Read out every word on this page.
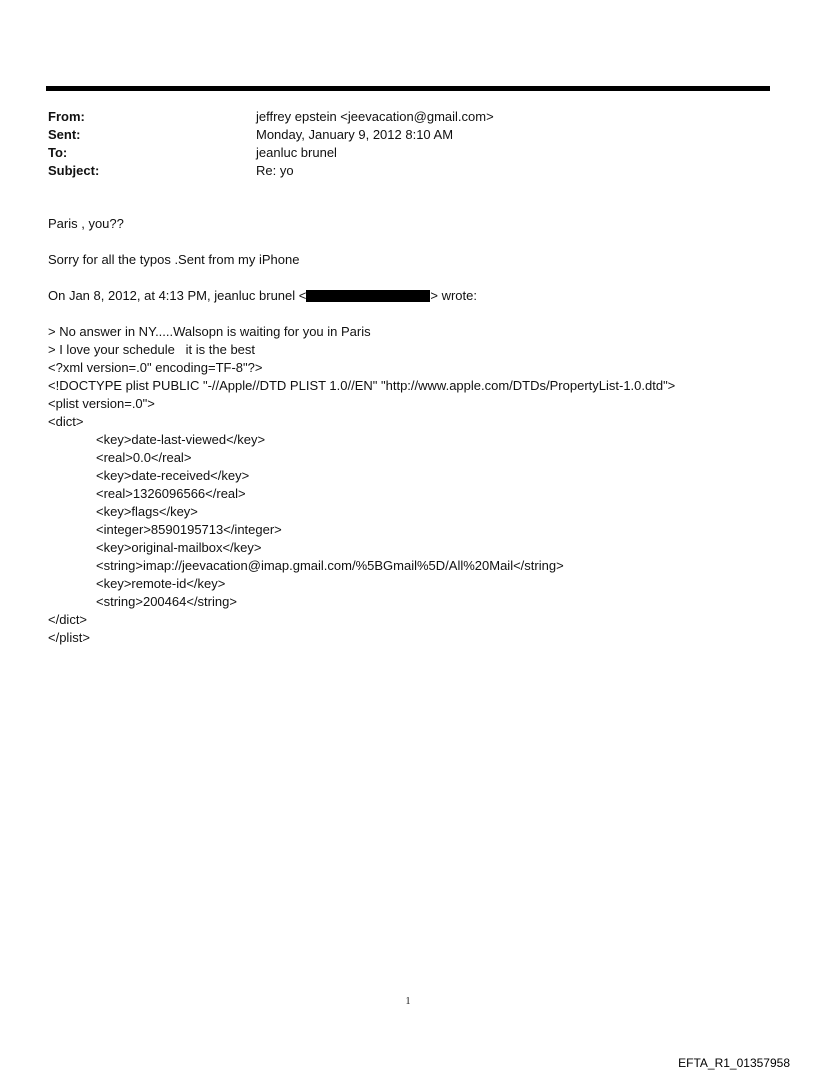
From:	jeffrey epstein <jeevacation@gmail.com>
Sent:	Monday, January 9, 2012 8:10 AM
To:	jeanluc brunel
Subject:	Re: yo
Paris , you??
Sorry for all the typos .Sent from my iPhone
On Jan 8, 2012, at 4:13 PM, jeanluc brunel <	> wrote:
> No answer in NY.....Walsopn is waiting for you in Paris
> I love your schedule   it is the best
<?xml version=.0" encoding=TF-8"?>
<!DOCTYPE plist PUBLIC "-//Apple//DTD PLIST 1.0//EN" "http://www.apple.com/DTDs/PropertyList-1.0.dtd">
<plist version=.0">
<dict>
<key>date-last-viewed</key>
<real>0.0</real>
<key>date-received</key>
<real>1326096566</real>
<key>flags</key>
<integer>8590195713</integer>
<key>original-mailbox</key>
<string>imap://jeevacation@imap.gmail.com/%5BGmail%5D/All%20Mail</string>
<key>remote-id</key>
<string>200464</string>
</dict>
</plist>
1
EFTA_R1_01357958
